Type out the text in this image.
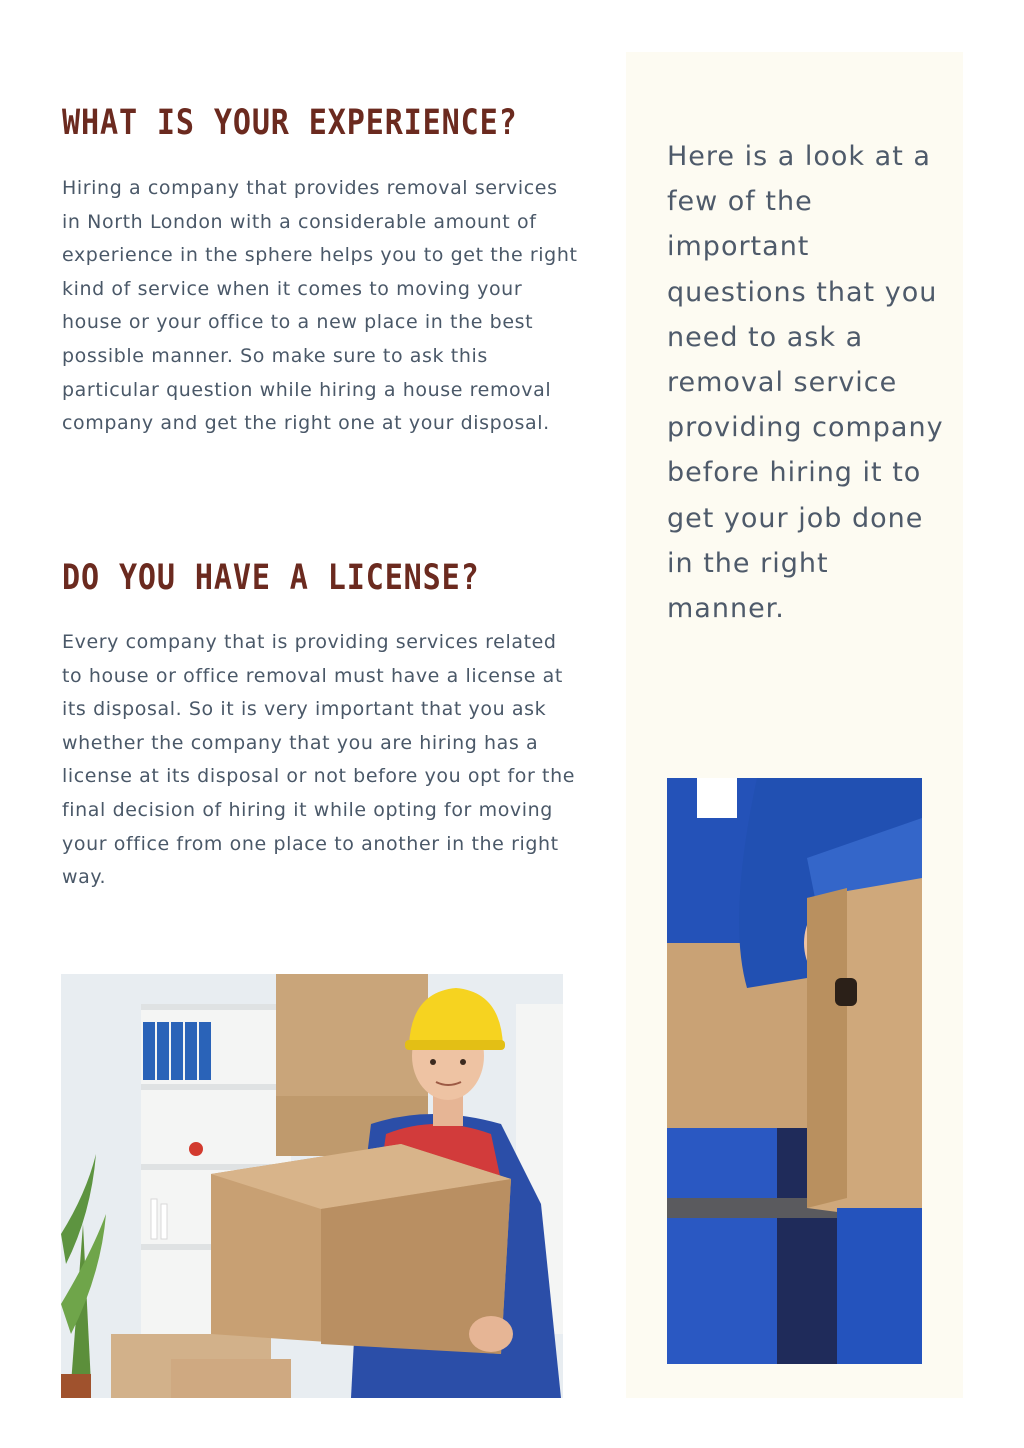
WHAT IS YOUR EXPERIENCE?

Hiring a company that provides removal services in North London with a considerable amount of experience in the sphere helps you to get the right kind of service when it comes to moving your house or your office to a new place in the best possible manner. So make sure to ask this particular question while hiring a house removal company and get the right one at your disposal.

DO YOU HAVE A LICENSE?

Every company that is providing services related to house or office removal must have a license at its disposal. So it is very important that you ask whether the company that you are hiring has a license at its disposal or not before you opt for the final decision of hiring it while opting for moving your office from one place to another in the right way.

Here is a look at a few of the important questions that you need to ask a removal service providing company before hiring it to get your job done in the right manner.
